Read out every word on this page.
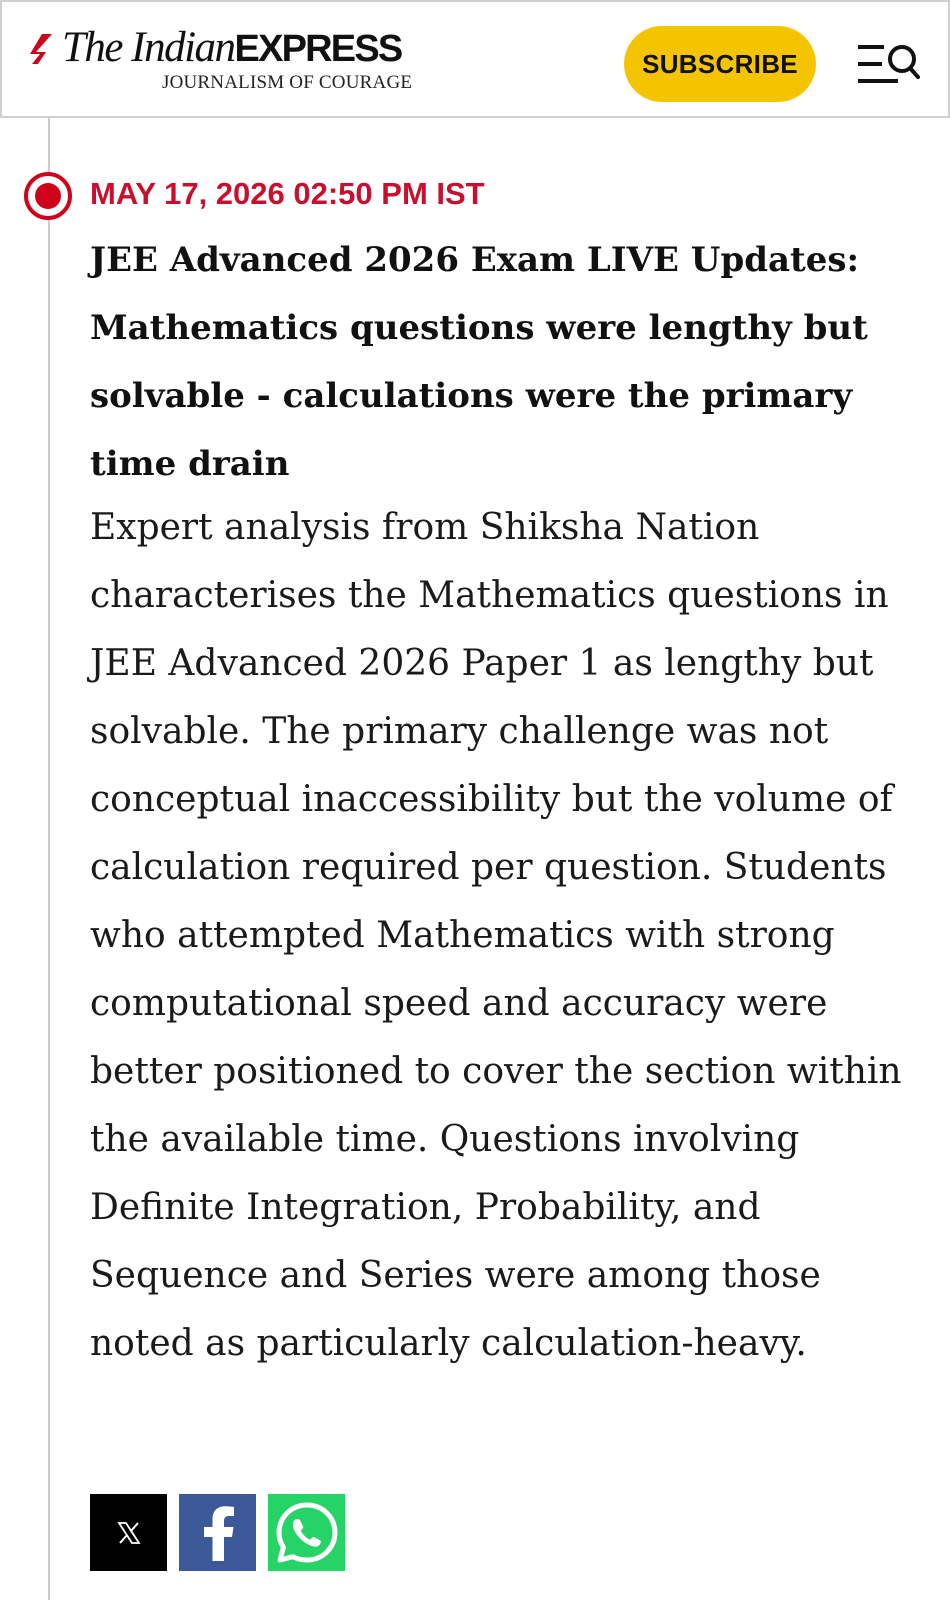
The IndianEXPRESS
JOURNALISM OF COURAGE
SUBSCRIBE
MAY 17, 2026 02:50 PM IST
JEE Advanced 2026 Exam LIVE Updates: Mathematics questions were lengthy but solvable - calculations were the primary time drain

Expert analysis from Shiksha Nation characterises the Mathematics questions in JEE Advanced 2026 Paper 1 as lengthy but solvable. The primary challenge was not conceptual inaccessibility but the volume of calculation required per question. Students who attempted Mathematics with strong computational speed and accuracy were better positioned to cover the section within the available time. Questions involving Definite Integration, Probability, and Sequence and Series were among those noted as particularly calculation-heavy.
